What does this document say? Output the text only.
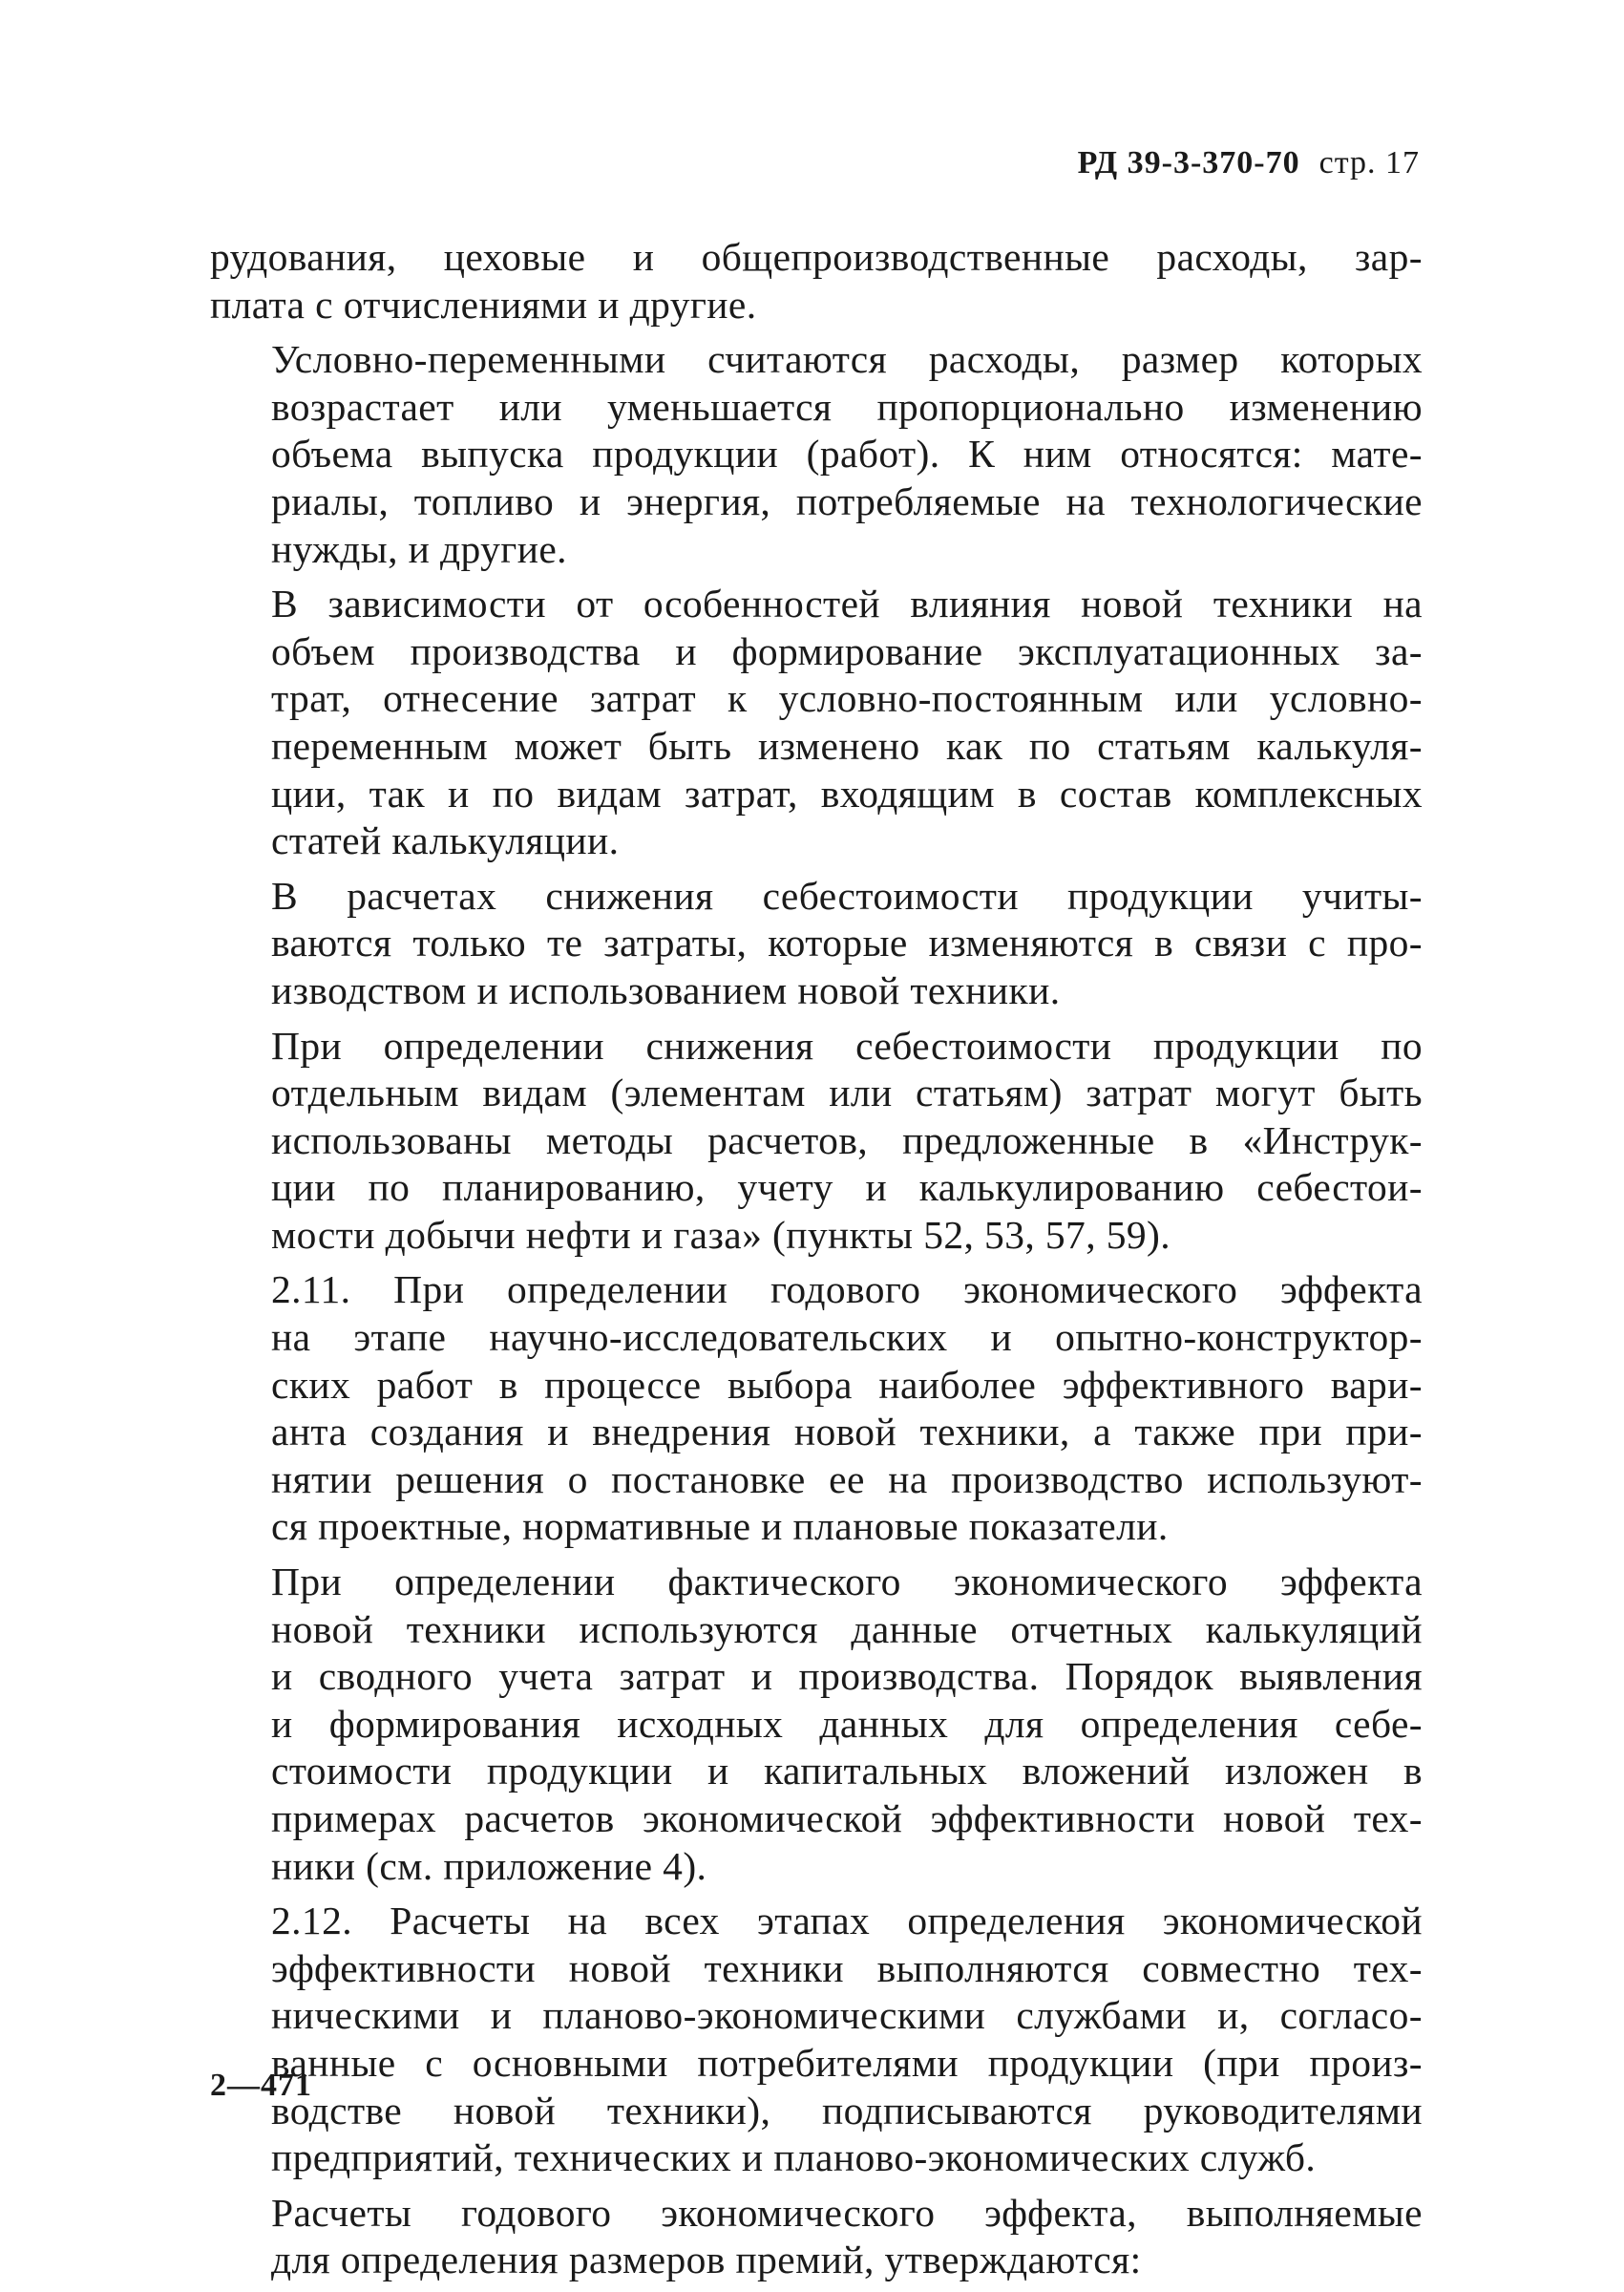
РД 39-3-370-70 стр. 17

рудования, цеховые и общепроизводственные расходы, зар-
плата с отчислениями и другие.

Условно-переменными считаются расходы, размер которых
возрастает или уменьшается пропорционально изменению
объема выпуска продукции (работ). К ним относятся: мате-
риалы, топливо и энергия, потребляемые на технологические
нужды, и другие.

В зависимости от особенностей влияния новой техники на
объем производства и формирование эксплуатационных за-
трат, отнесение затрат к условно-постоянным или условно-
переменным может быть изменено как по статьям калькуля-
ции, так и по видам затрат, входящим в состав комплексных
статей калькуляции.

В расчетах снижения себестоимости продукции учиты-
ваются только те затраты, которые изменяются в связи с про-
изводством и использованием новой техники.

При определении снижения себестоимости продукции по
отдельным видам (элементам или статьям) затрат могут быть
использованы методы расчетов, предложенные в «Инструк-
ции по планированию, учету и калькулированию себестои-
мости добычи нефти и газа» (пункты 52, 53, 57, 59).

2.11. При определении годового экономического эффекта
на этапе научно-исследовательских и опытно-конструктор-
ских работ в процессе выбора наиболее эффективного вари-
анта создания и внедрения новой техники, а также при при-
нятии решения о постановке ее на производство используют-
ся проектные, нормативные и плановые показатели.

При определении фактического экономического эффекта
новой техники используются данные отчетных калькуляций
и сводного учета затрат и производства. Порядок выявления
и формирования исходных данных для определения себе-
стоимости продукции и капитальных вложений изложен в
примерах расчетов экономической эффективности новой тех-
ники (см. приложение 4).

2.12. Расчеты на всех этапах определения экономической
эффективности новой техники выполняются совместно тех-
ническими и планово-экономическими службами и, согласо-
ванные с основными потребителями продукции (при произ-
водстве новой техники), подписываются руководителями
предприятий, технических и планово-экономических служб.

Расчеты годового экономического эффекта, выполняемые
для определения размеров премий, утверждаются:

2—471
